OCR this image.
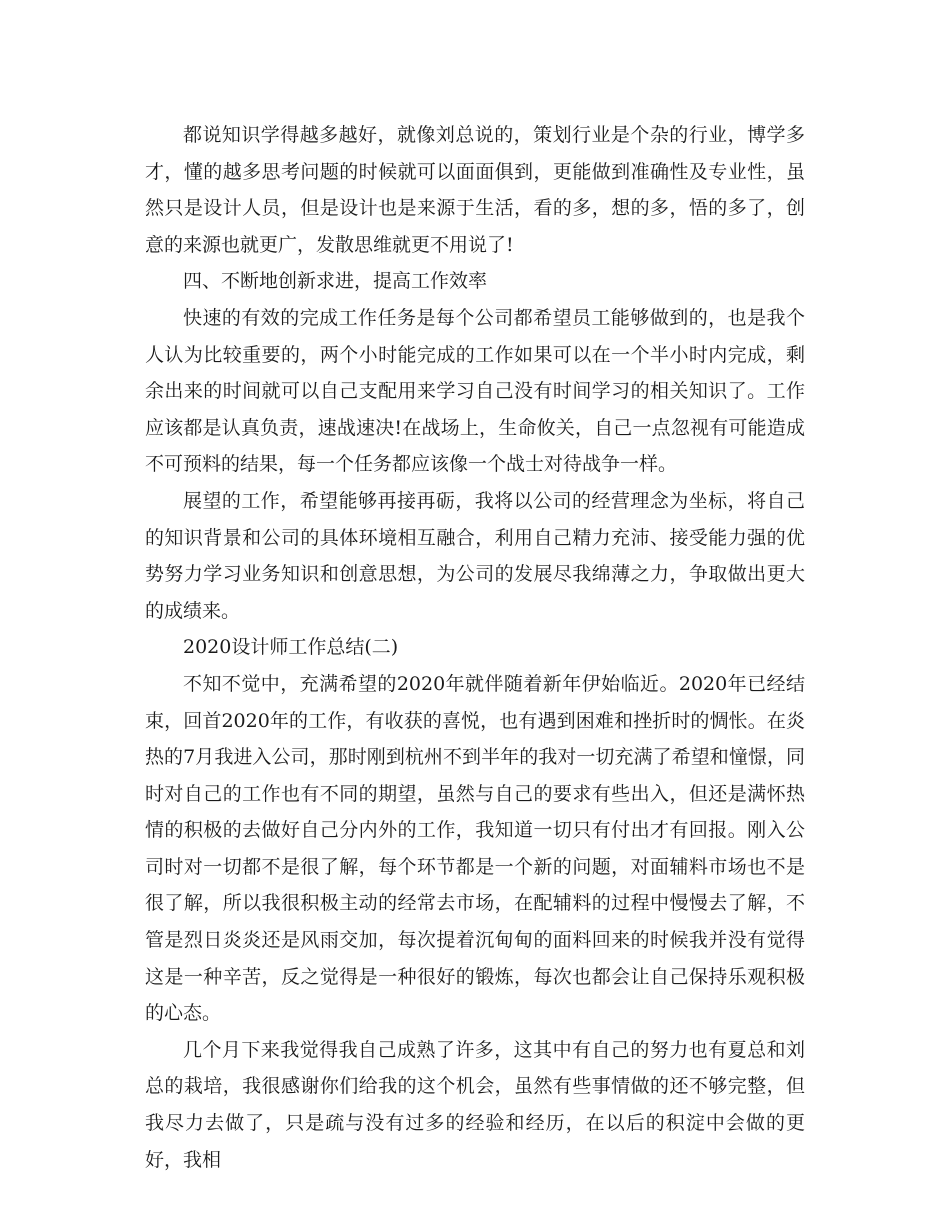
都说知识学得越多越好，就像刘总说的，策划行业是个杂的行业，博学多才，懂的越多思考问题的时候就可以面面俱到，更能做到准确性及专业性，虽然只是设计人员，但是设计也是来源于生活，看的多，想的多，悟的多了，创意的来源也就更广，发散思维就更不用说了!

四、不断地创新求进，提高工作效率

快速的有效的完成工作任务是每个公司都希望员工能够做到的，也是我个人认为比较重要的，两个小时能完成的工作如果可以在一个半小时内完成，剩余出来的时间就可以自己支配用来学习自己没有时间学习的相关知识了。工作应该都是认真负责，速战速决!在战场上，生命攸关，自己一点忽视有可能造成不可预料的结果，每一个任务都应该像一个战士对待战争一样。

展望的工作，希望能够再接再砺，我将以公司的经营理念为坐标，将自己的知识背景和公司的具体环境相互融合，利用自己精力充沛、接受能力强的优势努力学习业务知识和创意思想，为公司的发展尽我绵薄之力，争取做出更大的成绩来。

2020设计师工作总结(二)

不知不觉中，充满希望的2020年就伴随着新年伊始临近。2020年已经结束，回首2020年的工作，有收获的喜悦，也有遇到困难和挫折时的惆怅。在炎热的7月我进入公司，那时刚到杭州不到半年的我对一切充满了希望和憧憬，同时对自己的工作也有不同的期望，虽然与自己的要求有些出入，但还是满怀热情的积极的去做好自己分内外的工作，我知道一切只有付出才有回报。刚入公司时对一切都不是很了解，每个环节都是一个新的问题，对面辅料市场也不是很了解，所以我很积极主动的经常去市场，在配辅料的过程中慢慢去了解，不管是烈日炎炎还是风雨交加，每次提着沉甸甸的面料回来的时候我并没有觉得这是一种辛苦，反之觉得是一种很好的锻炼，每次也都会让自己保持乐观积极的心态。

几个月下来我觉得我自己成熟了许多，这其中有自己的努力也有夏总和刘总的栽培，我很感谢你们给我的这个机会，虽然有些事情做的还不够完整，但我尽力去做了，只是疏与没有过多的经验和经历，在以后的积淀中会做的更好，我相
